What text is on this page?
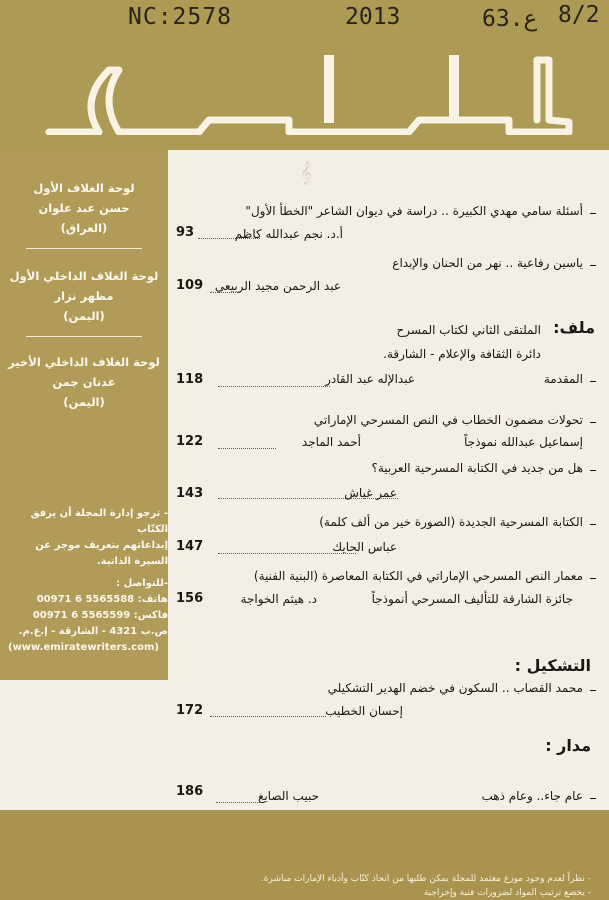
8/2
NC:2578	2013	63.ع
𝄞
لوحة الغلاف الأول
حسن عبد علوان
(العراق)
لوحة الغلاف الداخلي الأول
مظهر نزار
(اليمن)
لوحة الغلاف الداخلي الأخير
عدنان جمن
(اليمن)
- ترجو إدارة المجلة أن يرفق الكتّاب
إبداعاتهم بتعريف موجز عن
السيرة الذاتية.
-للتواصل :
هاتف: 5565588 6 00971
فاكس: 5565599 6 00971
ص.ب 4321 - الشارقة - إ.ع.م.
(www.emiratewriters.com)
أسئلة سامي مهدي الكبيرة .. دراسة في ديوان الشاعر "الخطأ الأول"
أ.د. نجم عبدالله كاظم
93
ياسين رفاعية .. نهر من الحنان والإبداع
عبد الرحمن مجيد الربيعي
109
ملف:
الملتقى الثاني لكتاب المسرح
دائرة الثقافة والإعلام - الشارقة.
المقدمة
عبدالإله عبد القادر
118
تحولات مضمون الخطاب في النص المسرحي الإماراتي
إسماعيل عبدالله نموذجاً
أحمد الماجد
122
هل من جديد في الكتابة المسرحية العربية؟
عمر غباش
143
الكتابة المسرحية الجديدة (الصورة خير من ألف كلمة)
عباس الحايك
147
معمار النص المسرحي الإماراتي في الكتابة المعاصرة (البنية الفنية)
جائزة الشارقة للتأليف المسرحي أنموذجاً
د. هيثم الخواجة
156
التشكيل :
محمد القصاب .. السكون في خضم الهدير التشكيلي
إحسان الخطيب
172
مدار :
عام جاء.. وعام ذهب
حبيب الصايغ
186
- نظراً لعدم وجود موزع معتمد للمجلة يمكن طلبها من اتحاد كتّاب وأدباء الإمارات مباشرة.
- يخضع ترتيب المواد لضرورات فنية وإخراجية
